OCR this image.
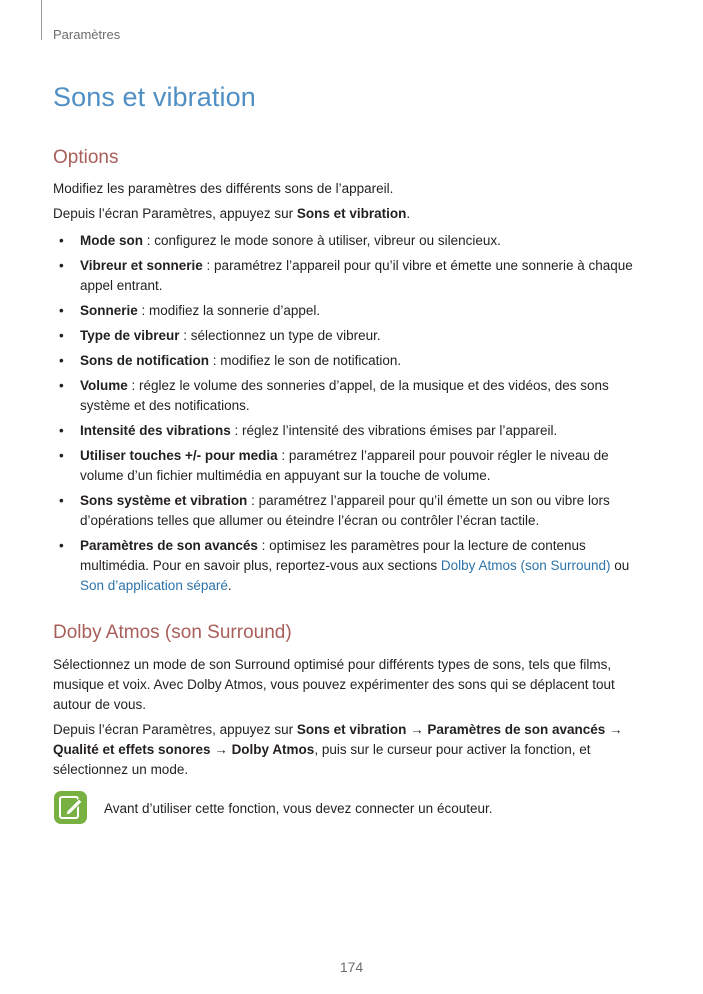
Paramètres
Sons et vibration
Options

Modifiez les paramètres des différents sons de l’appareil.

Depuis l’écran Paramètres, appuyez sur Sons et vibration.

• Mode son : configurez le mode sonore à utiliser, vibreur ou silencieux.
• Vibreur et sonnerie : paramétrez l’appareil pour qu’il vibre et émette une sonnerie à chaque appel entrant.
• Sonnerie : modifiez la sonnerie d’appel.
• Type de vibreur : sélectionnez un type de vibreur.
• Sons de notification : modifiez le son de notification.
• Volume : réglez le volume des sonneries d’appel, de la musique et des vidéos, des sons système et des notifications.
• Intensité des vibrations : réglez l’intensité des vibrations émises par l’appareil.
• Utiliser touches +/- pour media : paramétrez l’appareil pour pouvoir régler le niveau de volume d’un fichier multimédia en appuyant sur la touche de volume.
• Sons système et vibration : paramétrez l’appareil pour qu’il émette un son ou vibre lors d’opérations telles que allumer ou éteindre l’écran ou contrôler l’écran tactile.
• Paramètres de son avancés : optimisez les paramètres pour la lecture de contenus multimédia. Pour en savoir plus, reportez-vous aux sections Dolby Atmos (son Surround) ou Son d’application séparé.
Dolby Atmos (son Surround)

Sélectionnez un mode de son Surround optimisé pour différents types de sons, tels que films, musique et voix. Avec Dolby Atmos, vous pouvez expérimenter des sons qui se déplacent tout autour de vous.

Depuis l’écran Paramètres, appuyez sur Sons et vibration → Paramètres de son avancés → Qualité et effets sonores → Dolby Atmos, puis sur le curseur pour activer la fonction, et sélectionnez un mode.

Avant d’utiliser cette fonction, vous devez connecter un écouteur.

174
